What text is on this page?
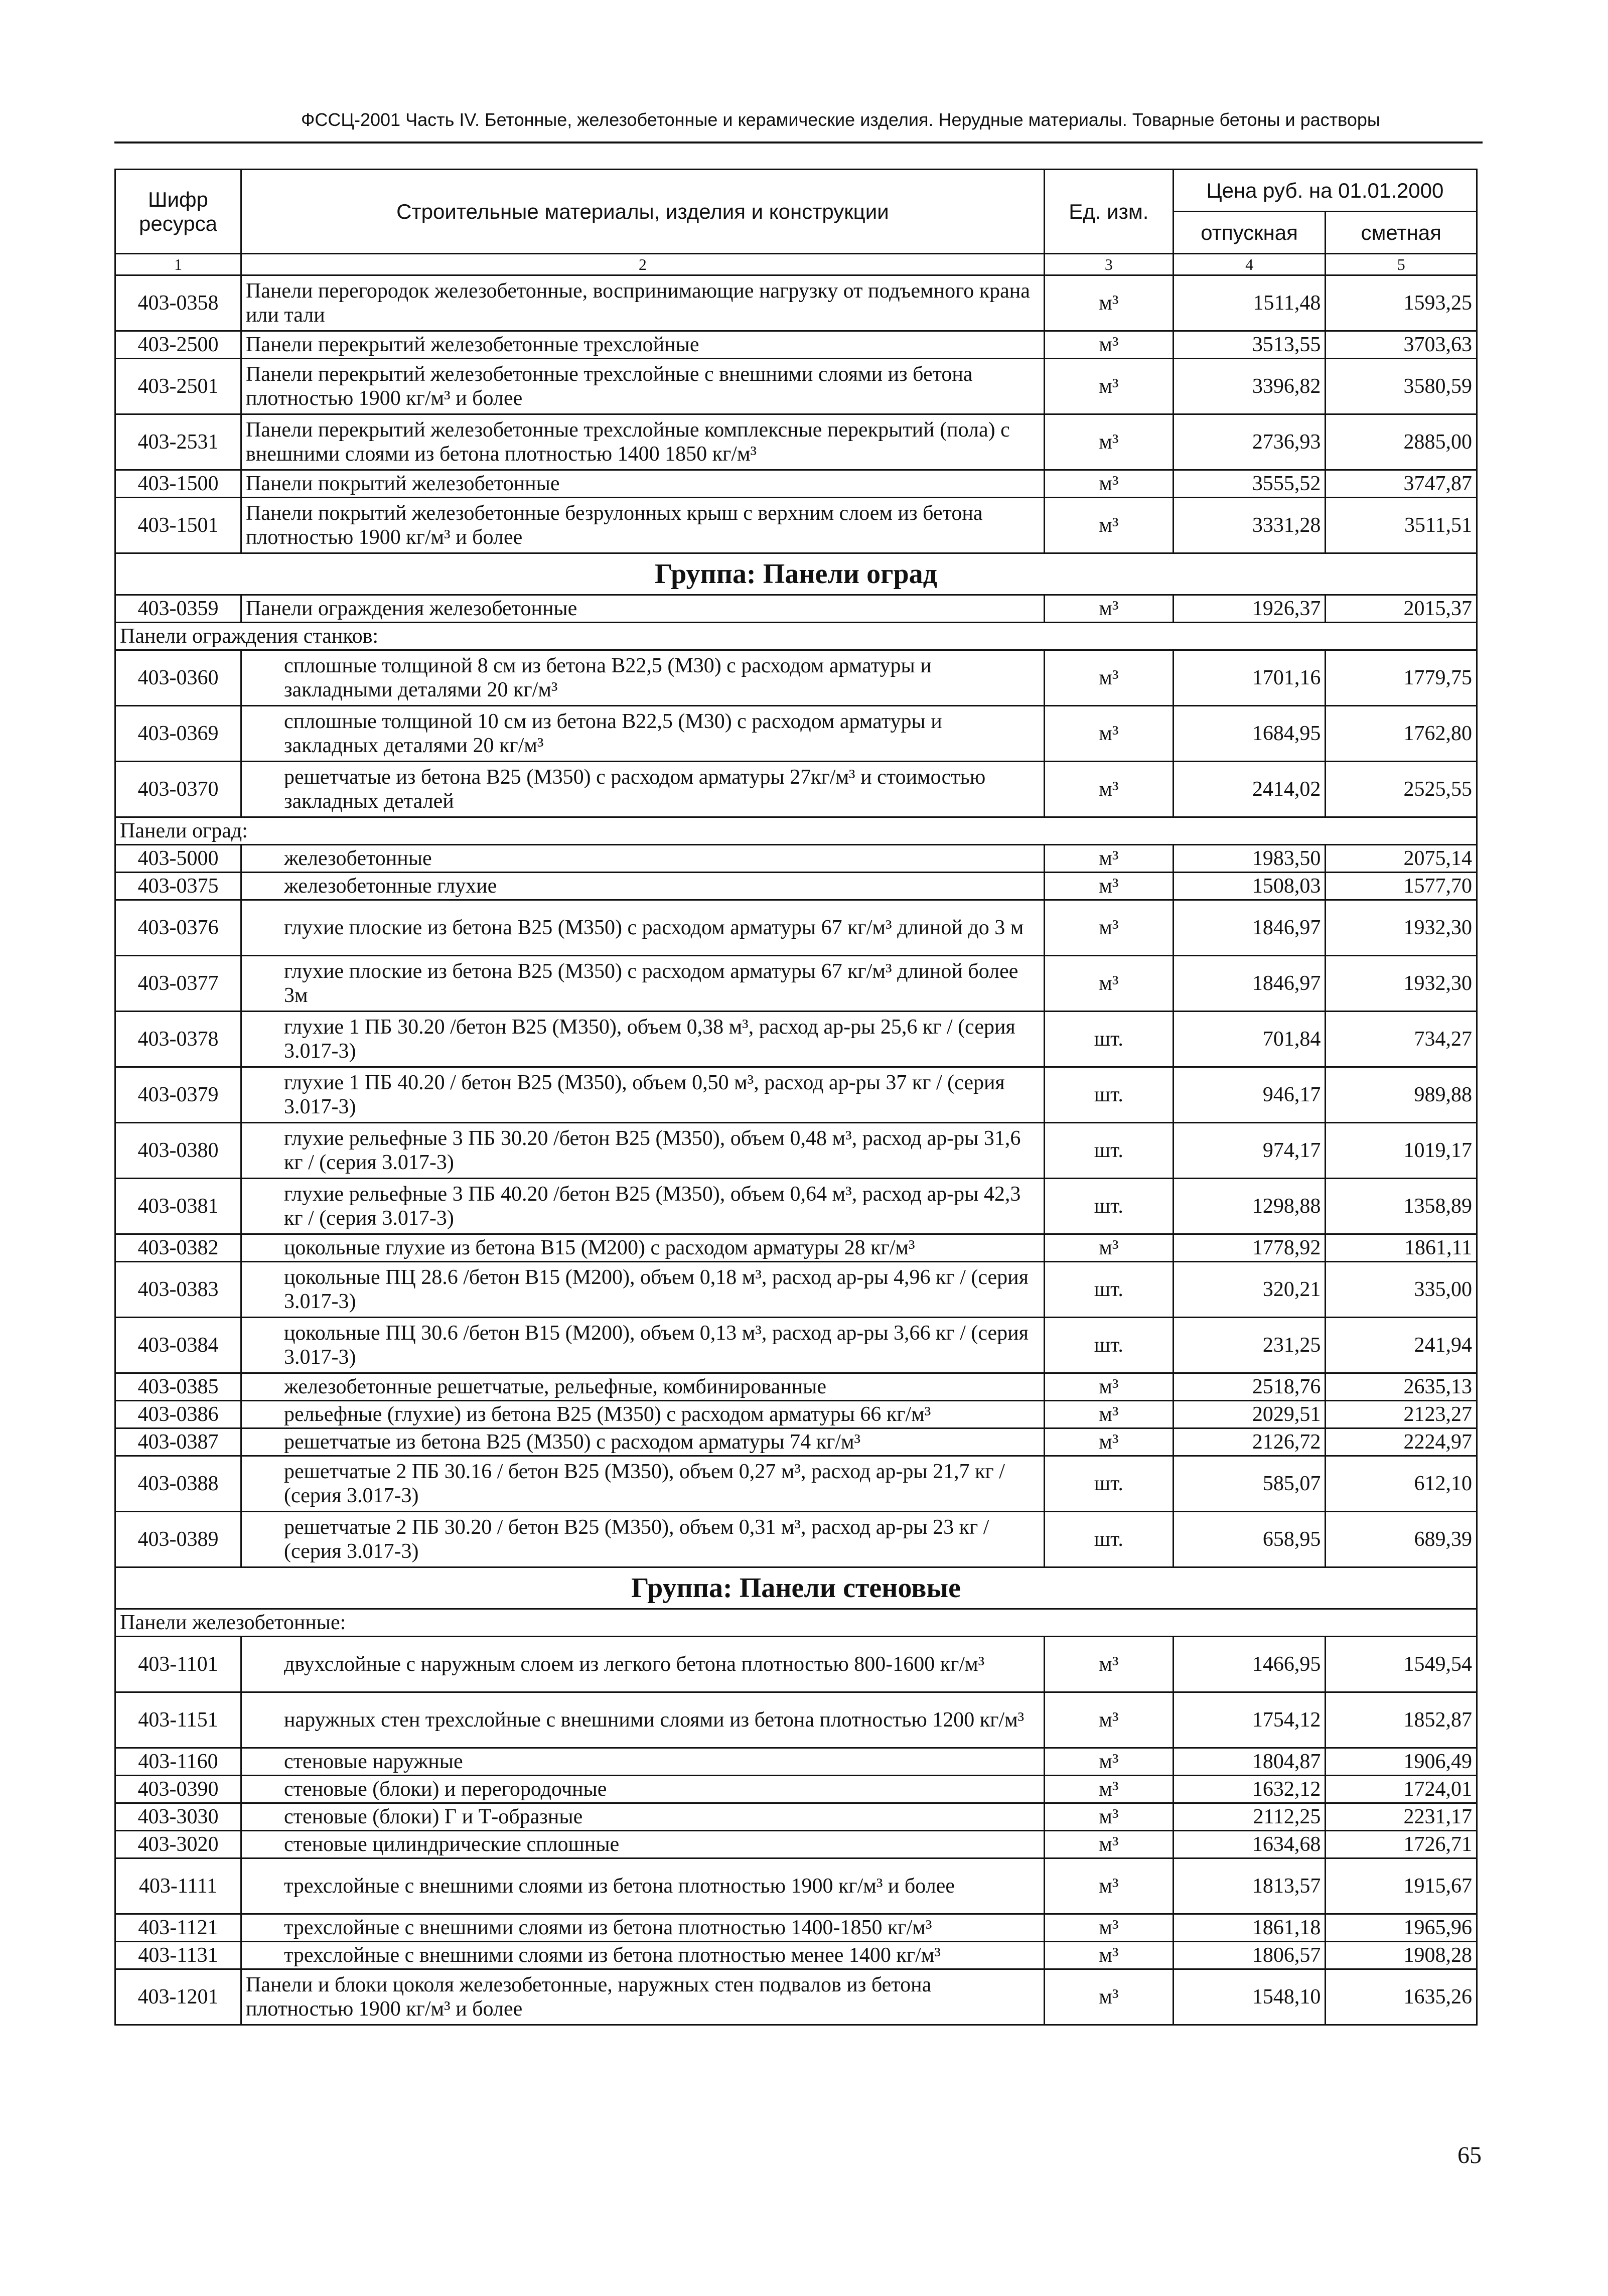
ФССЦ-2001 Часть IV. Бетонные, железобетонные и керамические изделия. Нерудные материалы. Товарные бетоны и растворы
Шифр ресурса	Строительные материалы, изделия и конструкции	Ед. изм.	Цена руб. на 01.01.2000	
			отпускная	сметная
1	2	3	4	5
403-0358	Панели перегородок железобетонные, воспринимающие нагрузку от подъемного крана или тали	м³	1511,48	1593,25
403-2500	Панели перекрытий железобетонные трехслойные	м³	3513,55	3703,63
403-2501	Панели перекрытий железобетонные трехслойные с внешними слоями из бетона плотностью 1900 кг/м³ и более	м³	3396,82	3580,59
403-2531	Панели перекрытий железобетонные трехслойные комплексные перекрытий (пола) с внешними слоями из бетона плотностью 1400 1850 кг/м³	м³	2736,93	2885,00
403-1500	Панели покрытий железобетонные	м³	3555,52	3747,87
403-1501	Панели покрытий железобетонные безрулонных крыш с верхним слоем из бетона плотностью 1900 кг/м³ и более	м³	3331,28	3511,51
Группа: Панели оград				
403-0359	Панели ограждения железобетонные	м³	1926,37	2015,37
Панели ограждения станков:				
403-0360	сплошные толщиной 8 см из бетона В22,5 (М30) с расходом арматуры и закладными деталями 20 кг/м³	м³	1701,16	1779,75
403-0369	сплошные толщиной 10 см из бетона В22,5 (М30) с расходом арматуры и закладных деталями 20 кг/м³	м³	1684,95	1762,80
403-0370	решетчатые из бетона В25 (М350) с расходом арматуры 27кг/м³ и стоимостью закладных деталей	м³	2414,02	2525,55
Панели оград:				
403-5000	железобетонные	м³	1983,50	2075,14
403-0375	железобетонные глухие	м³	1508,03	1577,70
403-0376	глухие плоские из бетона В25 (М350) с расходом арматуры 67 кг/м³ длиной до 3 м	м³	1846,97	1932,30
403-0377	глухие плоские из бетона В25 (М350) с расходом арматуры 67 кг/м³ длиной более 3м	м³	1846,97	1932,30
403-0378	глухие 1 ПБ 30.20 /бетон В25 (М350), объем 0,38 м³, расход ар-ры 25,6 кг / (серия 3.017-3)	шт.	701,84	734,27
403-0379	глухие 1 ПБ 40.20 / бетон В25 (М350), объем 0,50 м³, расход ар-ры 37 кг / (серия 3.017-3)	шт.	946,17	989,88
403-0380	глухие рельефные 3 ПБ 30.20 /бетон В25 (М350), объем 0,48 м³, расход ар-ры 31,6 кг / (серия 3.017-3)	шт.	974,17	1019,17
403-0381	глухие рельефные 3 ПБ 40.20 /бетон В25 (М350), объем 0,64 м³, расход ар-ры 42,3 кг / (серия 3.017-3)	шт.	1298,88	1358,89
403-0382	цокольные глухие из бетона В15 (М200) с расходом арматуры 28 кг/м³	м³	1778,92	1861,11
403-0383	цокольные ПЦ 28.6 /бетон В15 (М200), объем 0,18 м³, расход ар-ры 4,96 кг / (серия 3.017-3)	шт.	320,21	335,00
403-0384	цокольные ПЦ 30.6 /бетон В15 (М200), объем 0,13 м³, расход ар-ры 3,66 кг / (серия 3.017-3)	шт.	231,25	241,94
403-0385	железобетонные решетчатые, рельефные, комбинированные	м³	2518,76	2635,13
403-0386	рельефные (глухие) из бетона В25 (М350) с расходом арматуры 66 кг/м³	м³	2029,51	2123,27
403-0387	решетчатые из бетона В25 (М350) с расходом арматуры 74 кг/м³	м³	2126,72	2224,97
403-0388	решетчатые 2 ПБ 30.16 / бетон В25 (М350), объем 0,27 м³, расход ар-ры 21,7 кг / (серия 3.017-3)	шт.	585,07	612,10
403-0389	решетчатые 2 ПБ 30.20 / бетон В25 (М350), объем 0,31 м³, расход ар-ры 23 кг / (серия 3.017-3)	шт.	658,95	689,39
Группа: Панели стеновые				
Панели железобетонные:				
403-1101	двухслойные с наружным слоем из легкого бетона плотностью 800-1600 кг/м³	м³	1466,95	1549,54
403-1151	наружных стен трехслойные с внешними слоями из бетона плотностью 1200 кг/м³	м³	1754,12	1852,87
403-1160	стеновые наружные	м³	1804,87	1906,49
403-0390	стеновые (блоки) и перегородочные	м³	1632,12	1724,01
403-3030	стеновые (блоки) Г и Т-образные	м³	2112,25	2231,17
403-3020	стеновые цилиндрические сплошные	м³	1634,68	1726,71
403-1111	трехслойные с внешними слоями из бетона плотностью 1900 кг/м³ и более	м³	1813,57	1915,67
403-1121	трехслойные с внешними слоями из бетона плотностью 1400-1850 кг/м³	м³	1861,18	1965,96
403-1131	трехслойные с внешними слоями из бетона плотностью менее 1400 кг/м³	м³	1806,57	1908,28
403-1201	Панели и блоки цоколя железобетонные, наружных стен подвалов из бетона плотностью 1900 кг/м³ и более	м³	1548,10	1635,26
65
